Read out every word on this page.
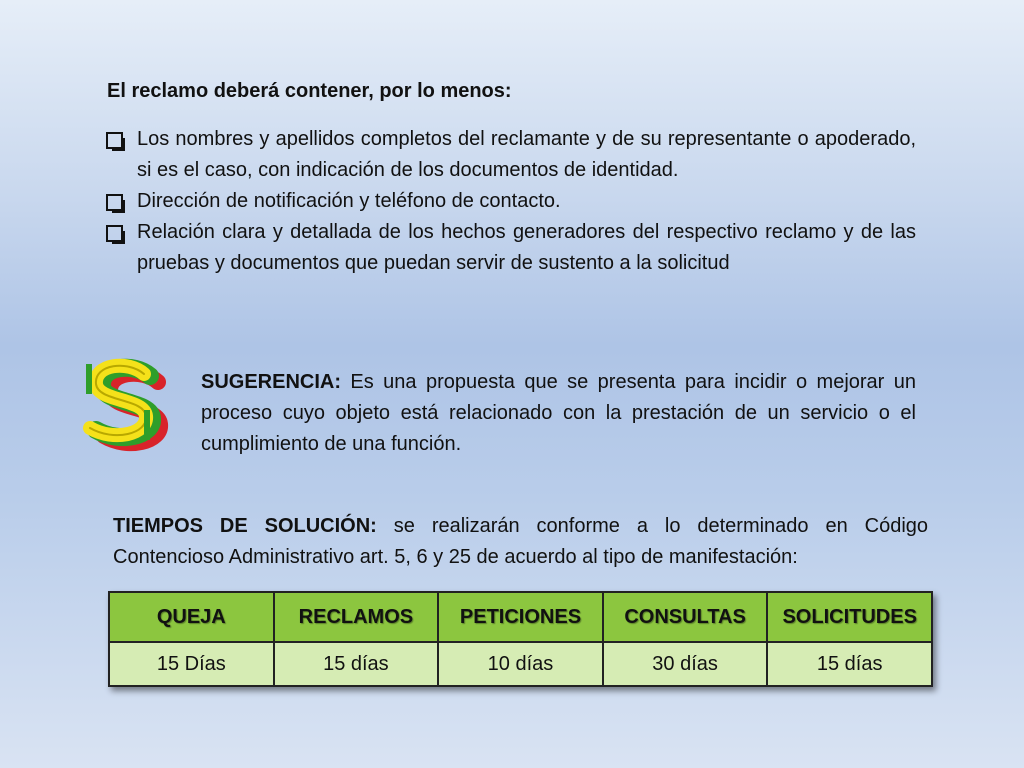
El reclamo deberá contener, por lo menos:
Los nombres y apellidos completos del reclamante y de su representante o apoderado, si es el caso, con indicación de los documentos de identidad.
Dirección de notificación y teléfono de contacto.
Relación clara y detallada de los hechos generadores del respectivo reclamo y de las pruebas y documentos que puedan servir de sustento a la solicitud

SUGERENCIA: Es una propuesta que se presenta para incidir o mejorar un proceso cuyo objeto está relacionado con la prestación de un servicio o el cumplimiento de una función.

TIEMPOS DE SOLUCIÓN: se realizarán conforme a lo determinado en Código Contencioso Administrativo art. 5, 6 y 25 de acuerdo al tipo de manifestación:

QUEJA	RECLAMOS	PETICIONES	CONSULTAS	SOLICITUDES
15 Días	15 días	10 días	30 días	15 días
